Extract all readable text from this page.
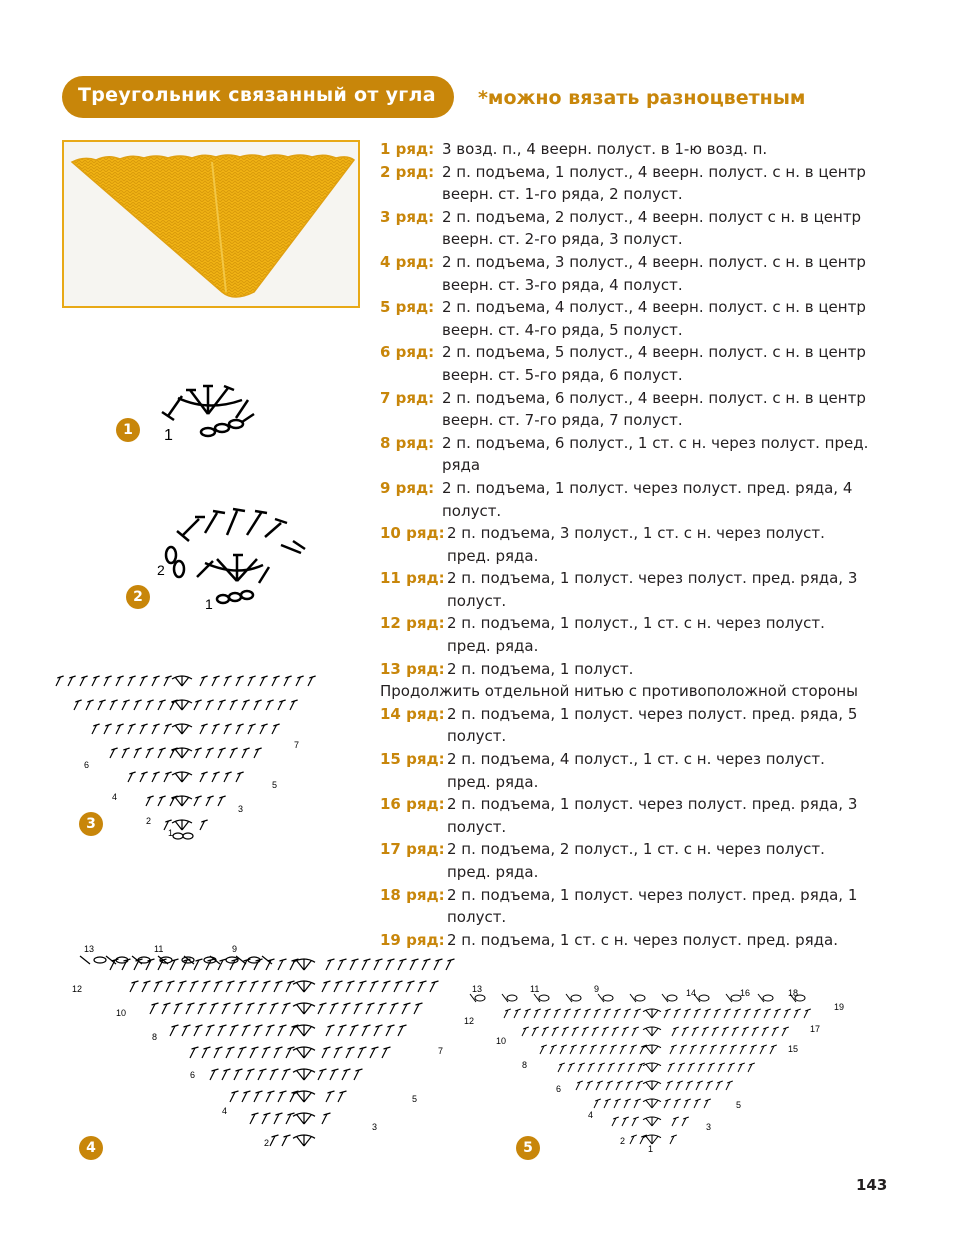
Треугольник связанный от угла *можно вязать разноцветным
1 ряд: 3 возд. п., 4 веерн. полуст. в 1-ю возд. п.
2 ряд: 2 п. подъема, 1 полуст., 4 веерн. полуст. с н. в центр веерн. ст. 1-го ряда, 2 полуст.
3 ряд: 2 п. подъема, 2 полуст., 4 веерн. полуст с н. в центр веерн. ст. 2-го ряда, 3 полуст.
4 ряд: 2 п. подъема, 3 полуст., 4 веерн. полуст. с н. в центр веерн. ст. 3-го ряда, 4 полуст.
5 ряд: 2 п. подъема, 4 полуст., 4 веерн. полуст. с н. в центр веерн. ст. 4-го ряда, 5 полуст.
6 ряд: 2 п. подъема, 5 полуст., 4 веерн. полуст. с н. в центр веерн. ст. 5-го ряда, 6 полуст.
7 ряд: 2 п. подъема, 6 полуст., 4 веерн. полуст. с н. в центр веерн. ст. 7-го ряда, 7 полуст.
8 ряд: 2 п. подъема, 6 полуст., 1 ст. с н. через полуст. пред. ряда
9 ряд: 2 п. подъема, 1 полуст. через полуст. пред. ряда, 4 полуст.
10 ряд: 2 п. подъема, 3 полуст., 1 ст. с н. через полуст. пред. ряда.
11 ряд: 2 п. подъема, 1 полуст. через полуст. пред. ряда, 3 полуст.
12 ряд: 2 п. подъема, 1 полуст., 1 ст. с н. через полуст. пред. ряда.
13 ряд: 2 п. подъема, 1 полуст.
Продолжить отдельной нитью с противоположной стороны
14 ряд: 2 п. подъема, 1 полуст. через полуст. пред. ряда, 5 полуст.
15 ряд: 2 п. подъема, 4 полуст., 1 ст. с н. через полуст. пред. ряда.
16 ряд: 2 п. подъема, 1 полуст. через полуст. пред. ряда, 3 полуст.
17 ряд: 2 п. подъема, 2 полуст., 1 ст. с н. через полуст. пред. ряда.
18 ряд: 2 п. подъема, 1 полуст. через полуст. пред. ряда, 1 полуст.
19 ряд: 2 п. подъема, 1 ст. с н. через полуст. пред. ряда.
1	1
2
2
1
3
1
2
3
4
5
6
7
4	2
3
4
5
6
7
8
10
12
13	11	9
5	1
2
3
4
5
6
8
10
12
13	11	9	14	16	18
19
17
15
143
